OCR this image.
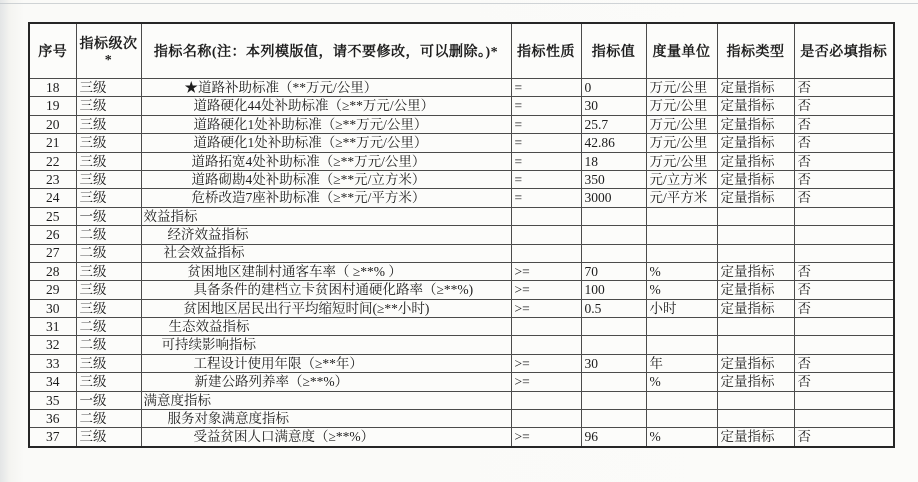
序号	指标级次*	指标名称(注：本列模版值，请不要修改，可以删除。)*	指标性质	指标值	度量单位	指标类型	是否必填指标
18	三级	★道路补助标准（**万元/公里）	=	0	万元/公里	定量指标	否
19	三级	道路硬化44处补助标准（≥**万元/公里）	=	30	万元/公里	定量指标	否
20	三级	道路硬化1处补助标准（≥**万元/公里）	=	25.7	万元/公里	定量指标	否
21	三级	道路硬化1处补助标准（≥**万元/公里）	=	42.86	万元/公里	定量指标	否
22	三级	道路拓宽4处补助标准（≥**万元/公里）	=	18	万元/公里	定量指标	否
23	三级	道路砌勘4处补助标准（≥**元/立方米）	=	350	元/立方米	定量指标	否
24	三级	危桥改造7座补助标准（≥**元/平方米）	=	3000	元/平方米	定量指标	否
25	一级	效益指标					
26	二级	经济效益指标					
27	二级	社会效益指标					
28	三级	贫困地区建制村通客车率（ ≥**% ）	>=	70	%	定量指标	否
29	三级	具备条件的建档立卡贫困村通硬化路率（≥**%)	>=	100	%	定量指标	否
30	三级	贫困地区居民出行平均缩短时间(≥**小时)	>=	0.5	小时	定量指标	否
31	二级	生态效益指标					
32	二级	可持续影响指标					
33	三级	工程设计使用年限（≥**年）	>=	30	年	定量指标	否
34	三级	新建公路列养率（≥**%）	>=		%	定量指标	否
35	一级	满意度指标					
36	二级	服务对象满意度指标					
37	三级	受益贫困人口满意度（≥**%）	>=	96	%	定量指标	否
